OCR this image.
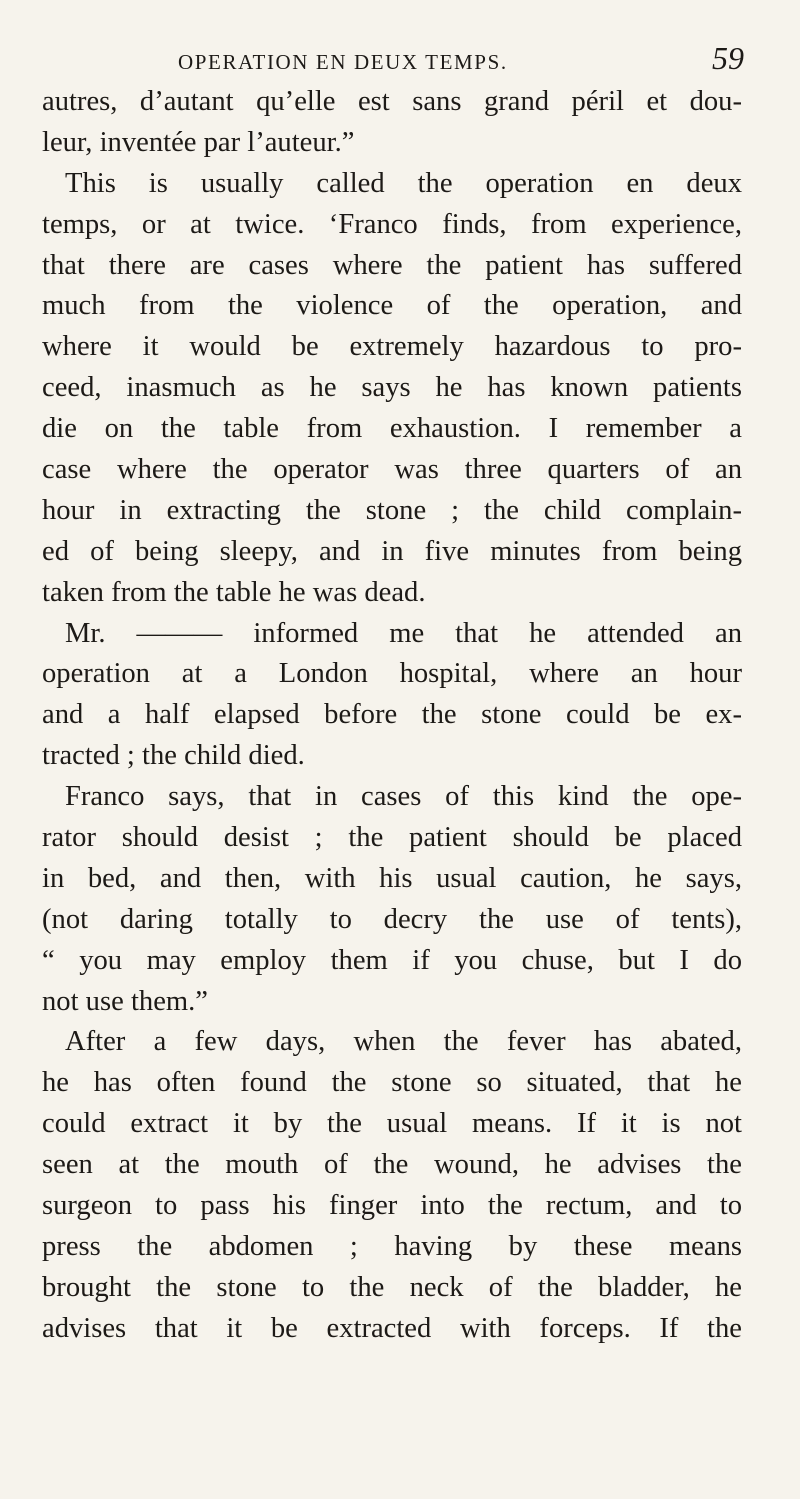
OPERATION EN DEUX TEMPS.	59
autres, d’autant qu’elle est sans grand péril et dou-
leur, inventée par l’auteur.”
This is usually called the operation en deux
temps, or at twice. ‘Franco finds, from experience,
that there are cases where the patient has suffered
much from the violence of the operation, and
where it would be extremely hazardous to pro-
ceed, inasmuch as he says he has known patients
die on the table from exhaustion. I remember a
case where the operator was three quarters of an
hour in extracting the stone ; the child complain-
ed of being sleepy, and in five minutes from being
taken from the table he was dead.
Mr. ——— informed me that he attended an
operation at a London hospital, where an hour
and a half elapsed before the stone could be ex-
tracted ; the child died.
Franco says, that in cases of this kind the ope-
rator should desist ; the patient should be placed
in bed, and then, with his usual caution, he says,
(not daring totally to decry the use of tents),
“ you may employ them if you chuse, but I do
not use them.”
After a few days, when the fever has abated,
he has often found the stone so situated, that he
could extract it by the usual means. If it is not
seen at the mouth of the wound, he advises the
surgeon to pass his finger into the rectum, and to
press the abdomen ; having by these means
brought the stone to the neck of the bladder, he
advises that it be extracted with forceps. If the
